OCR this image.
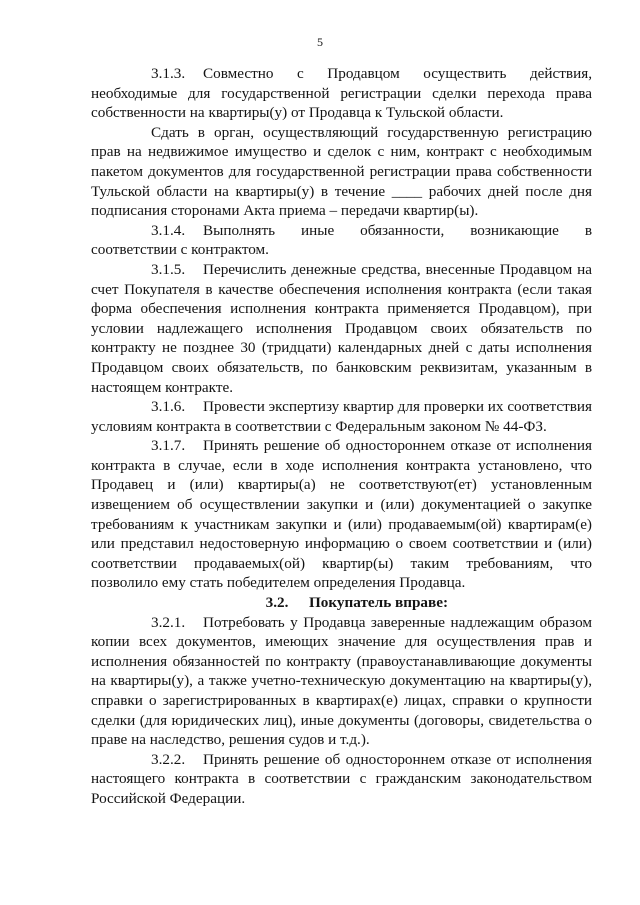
5

3.1.3. Совместно с Продавцом осуществить действия, необходимые для государственной регистрации сделки перехода права собственности на квартиры(у) от Продавца к Тульской области.

Сдать в орган, осуществляющий государственную регистрацию прав на недвижимое имущество и сделок с ним, контракт с необходимым пакетом документов для государственной регистрации права собственности Тульской области на квартиры(у) в течение ____ рабочих дней после дня подписания сторонами Акта приема – передачи квартир(ы).

3.1.4. Выполнять иные обязанности, возникающие в соответствии с контрактом.

3.1.5. Перечислить денежные средства, внесенные Продавцом на счет Покупателя в качестве обеспечения исполнения контракта (если такая форма обеспечения исполнения контракта применяется Продавцом), при условии надлежащего исполнения Продавцом своих обязательств по контракту не позднее 30 (тридцати) календарных дней с даты исполнения Продавцом своих обязательств, по банковским реквизитам, указанным в настоящем контракте.

3.1.6. Провести экспертизу квартир для проверки их соответствия условиям контракта в соответствии с Федеральным законом № 44-ФЗ.

3.1.7. Принять решение об одностороннем отказе от исполнения контракта в случае, если в ходе исполнения контракта установлено, что Продавец и (или) квартиры(а) не соответствуют(ет) установленным извещением об осуществлении закупки и (или) документацией о закупке требованиям к участникам закупки и (или) продаваемым(ой) квартирам(е) или представил недостоверную информацию о своем соответствии и (или) соответствии продаваемых(ой) квартир(ы) таким требованиям, что позволило ему стать победителем определения Продавца.

3.2. Покупатель вправе:

3.2.1. Потребовать у Продавца заверенные надлежащим образом копии всех документов, имеющих значение для осуществления прав и исполнения обязанностей по контракту (правоустанавливающие документы на квартиры(у), а также учетно-техническую документацию на квартиры(у), справки о зарегистрированных в квартирах(е) лицах, справки о крупности сделки (для юридических лиц), иные документы (договоры, свидетельства о праве на наследство, решения судов и т.д.).

3.2.2. Принять решение об одностороннем отказе от исполнения настоящего контракта в соответствии с гражданским законодательством Российской Федерации.
